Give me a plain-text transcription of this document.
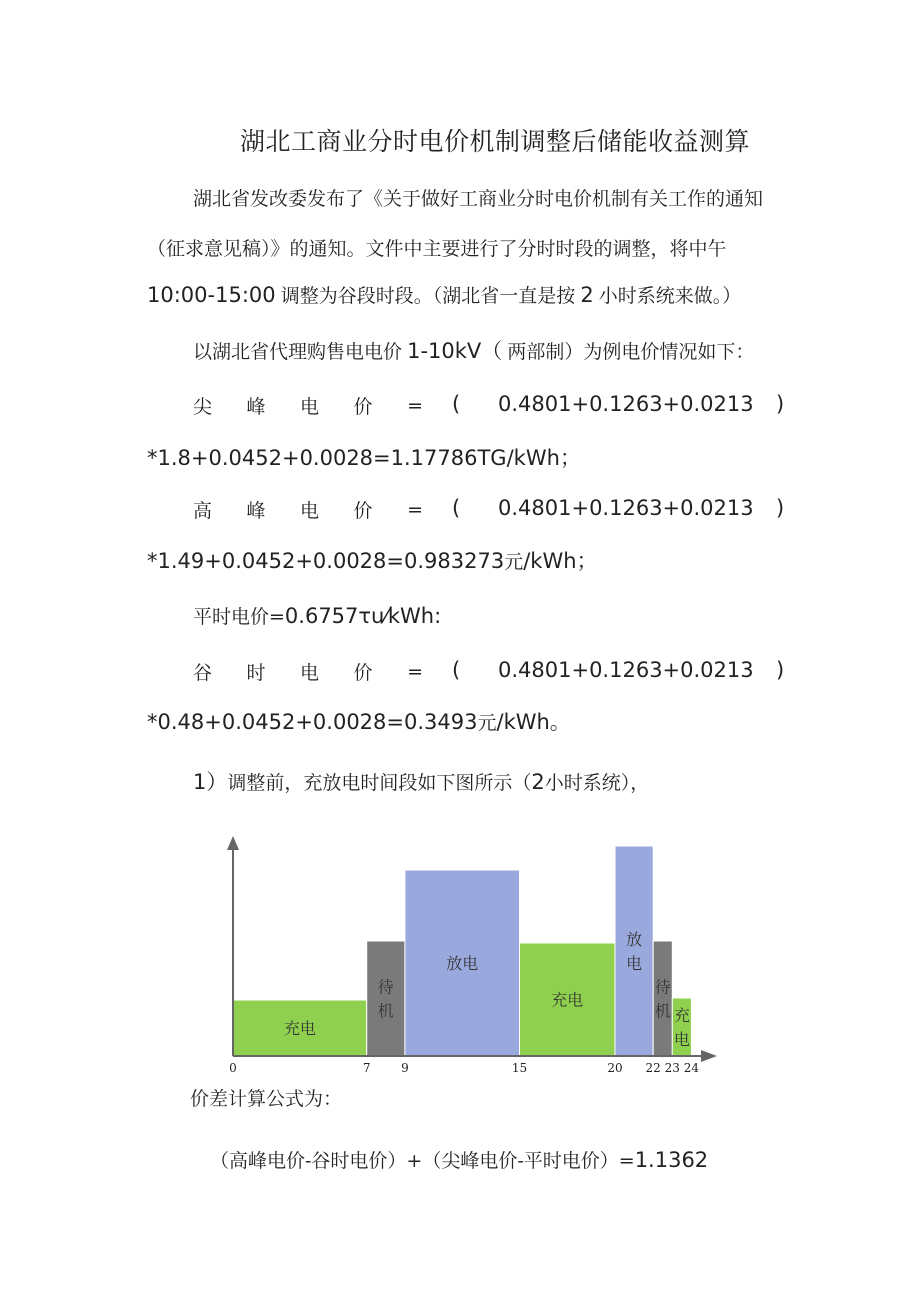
湖北工商业分时电价机制调整后储能收益测算
湖北省发改委发布了《关于做好工商业分时电价机制有关工作的通知
（征求意见稿）》的通知。文件中主要进行了分时时段的调整，将中午
10:00-15:00 调整为谷段时段。（湖北省一直是按 2 小时系统来做。）
以湖北省代理购售电电价 1-10kV（ 两部制）为例电价情况如下：
尖 峰 电 价 = ( 0.4801+0.1263+0.0213 )
*1.8+0.0452+0.0028=1.17786TG/kWh；
高 峰 电 价 = ( 0.4801+0.1263+0.0213 )
*1.49+0.0452+0.0028=0.983273元/kWh；
平时电价=0.6757τu⁄kWh:
谷 时 电 价 = ( 0.4801+0.1263+0.0213 )
*0.48+0.0452+0.0028=0.3493元/kWh。
1）调整前，充放电时间段如下图所示（2小时系统），
充电
待
机
放电
充电
放
电
待
机 充
电
0	7	9	15	20 22 23 24
价差计算公式为：
（高峰电价-谷时电价）+（尖峰电价-平时电价）=1.1362
